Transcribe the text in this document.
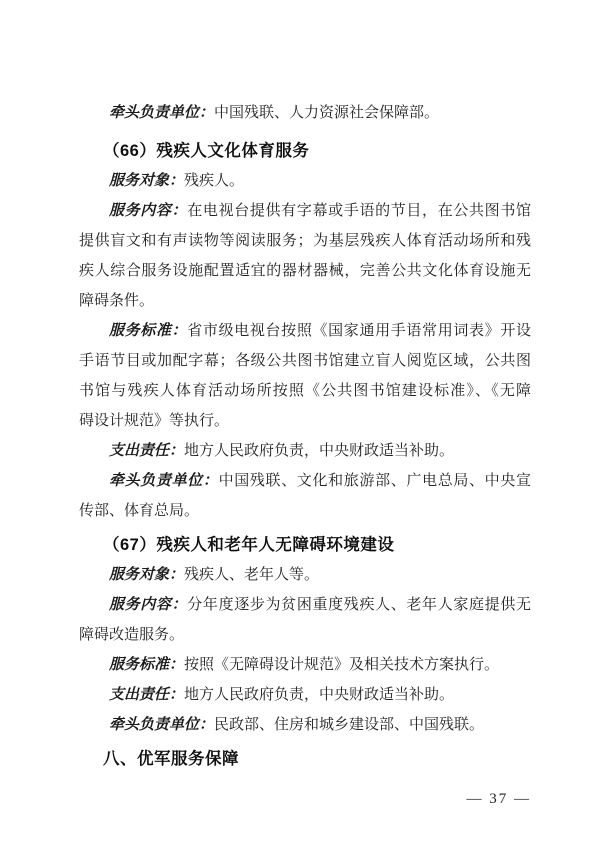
牵头负责单位：中国残联、人力资源社会保障部。
（66）残疾人文化体育服务
服务对象：残疾人。
服务内容：在电视台提供有字幕或手语的节目，在公共图书馆
提供盲文和有声读物等阅读服务；为基层残疾人体育活动场所和残
疾人综合服务设施配置适宜的器材器械，完善公共文化体育设施无
障碍条件。
服务标准：省市级电视台按照《国家通用手语常用词表》开设
手语节目或加配字幕；各级公共图书馆建立盲人阅览区域，公共图
书馆与残疾人体育活动场所按照《公共图书馆建设标准》、《无障
碍设计规范》等执行。
支出责任：地方人民政府负责，中央财政适当补助。
牵头负责单位：中国残联、文化和旅游部、广电总局、中央宣
传部、体育总局。
（67）残疾人和老年人无障碍环境建设
服务对象：残疾人、老年人等。
服务内容：分年度逐步为贫困重度残疾人、老年人家庭提供无
障碍改造服务。
服务标准：按照《无障碍设计规范》及相关技术方案执行。
支出责任：地方人民政府负责，中央财政适当补助。
牵头负责单位：民政部、住房和城乡建设部、中国残联。
八、优军服务保障
— 37 —
